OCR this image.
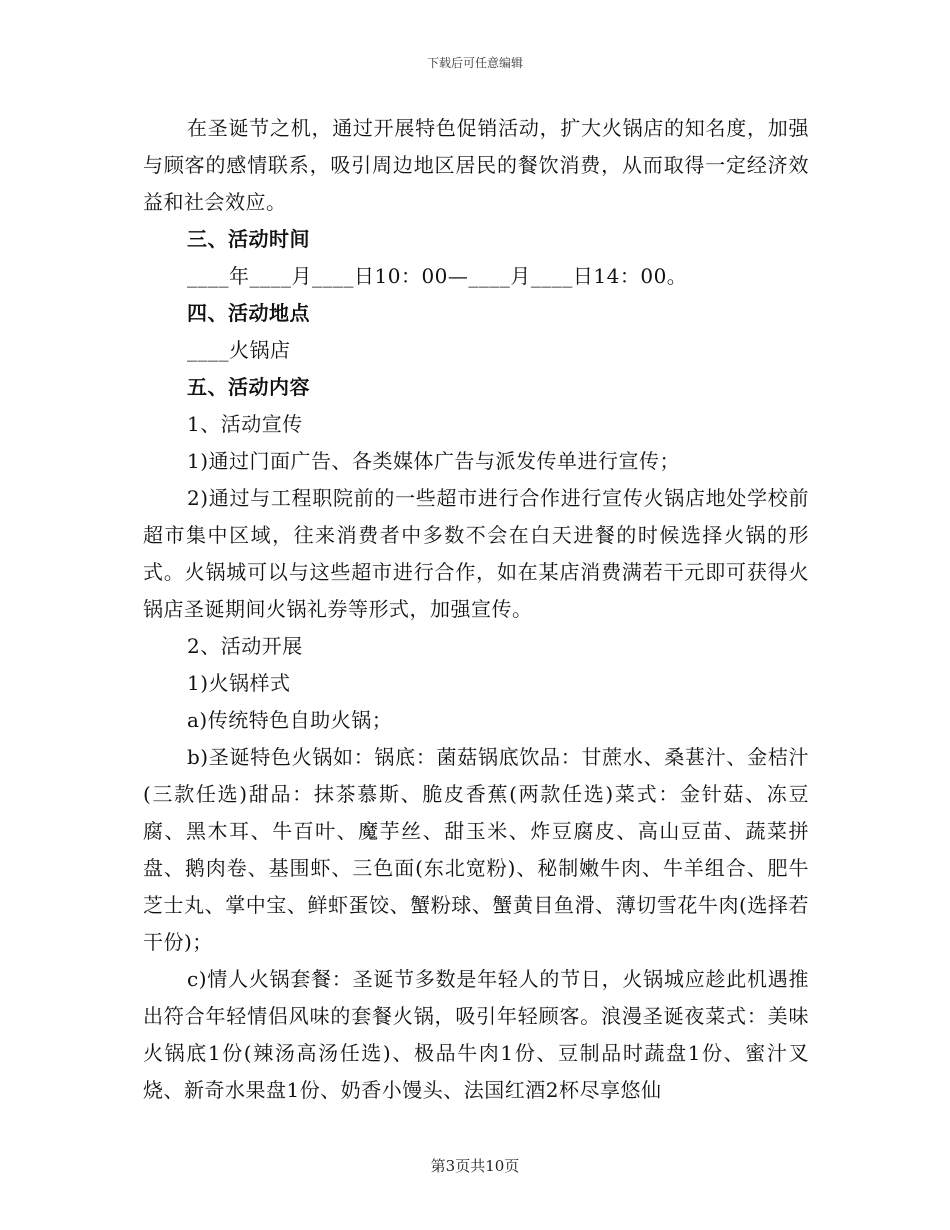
下载后可任意编辑

在圣诞节之机，通过开展特色促销活动，扩大火锅店的知名度，加强与顾客的感情联系，吸引周边地区居民的餐饮消费，从而取得一定经济效益和社会效应。

三、活动时间

____年____月____日10：00—____月____日14：00。

四、活动地点

____火锅店

五、活动内容

1、活动宣传

1)通过门面广告、各类媒体广告与派发传单进行宣传；

2)通过与工程职院前的一些超市进行合作进行宣传火锅店地处学校前超市集中区域，往来消费者中多数不会在白天进餐的时候选择火锅的形式。火锅城可以与这些超市进行合作，如在某店消费满若干元即可获得火锅店圣诞期间火锅礼券等形式，加强宣传。

2、活动开展

1)火锅样式

a)传统特色自助火锅；

b)圣诞特色火锅如：锅底：菌菇锅底饮品：甘蔗水、桑葚汁、金桔汁(三款任选)甜品：抹茶慕斯、脆皮香蕉(两款任选)菜式：金针菇、冻豆腐、黑木耳、牛百叶、魔芋丝、甜玉米、炸豆腐皮、高山豆苗、蔬菜拼盘、鹅肉卷、基围虾、三色面(东北宽粉)、秘制嫩牛肉、牛羊组合、肥牛芝士丸、掌中宝、鲜虾蛋饺、蟹粉球、蟹黄目鱼滑、薄切雪花牛肉(选择若干份)；

c)情人火锅套餐：圣诞节多数是年轻人的节日，火锅城应趁此机遇推出符合年轻情侣风味的套餐火锅，吸引年轻顾客。浪漫圣诞夜菜式：美味火锅底1份(辣汤高汤任选)、极品牛肉1份、豆制品时蔬盘1份、蜜汁叉烧、新奇水果盘1份、奶香小馒头、法国红酒2杯尽享悠仙

第3页共10页
